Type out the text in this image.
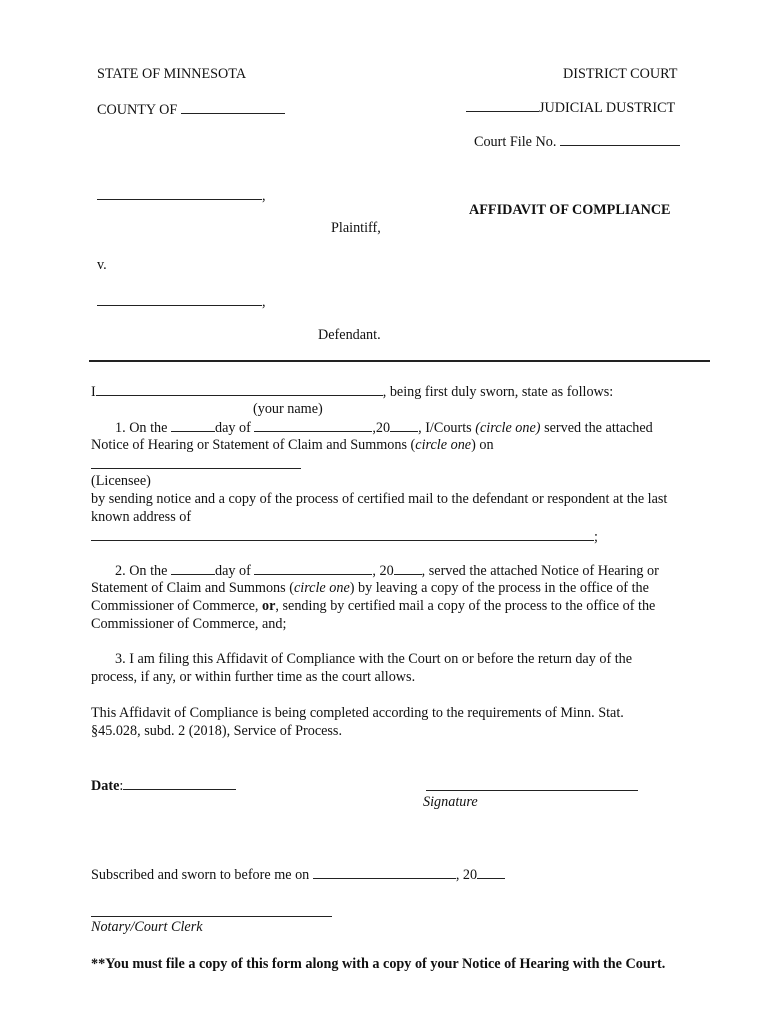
STATE OF MINNESOTA	DISTRICT COURT
COUNTY OF	JUDICIAL DUSTRICT
Court File No.
,
AFFIDAVIT OF COMPLIANCE
Plaintiff,
v.
,
Defendant.
I	, being first duly sworn, state as follows:
(your name)
1. On the	day of	,20 , I/Courts (circle one) served the attached
Notice of Hearing or Statement of Claim and Summons (circle one) on
(Licensee)
by sending notice and a copy of the process of certified mail to the defendant or respondent at the last
known address of
;
2. On the	day of	, 20 , served the attached Notice of Hearing or
Statement of Claim and Summons (circle one) by leaving a copy of the process in the office of the
Commissioner of Commerce, or, sending by certified mail a copy of the process to the office of the
Commissioner of Commerce, and;
3. I am filing this Affidavit of Compliance with the Court on or before the return day of the
process, if any, or within further time as the court allows.
This Affidavit of Compliance is being completed according to the requirements of Minn. Stat.
§45.028, subd. 2 (2018), Service of Process.
Date:
Signature
Subscribed and sworn to before me on	, 20
Notary/Court Clerk
**You must file a copy of this form along with a copy of your Notice of Hearing with the Court.
